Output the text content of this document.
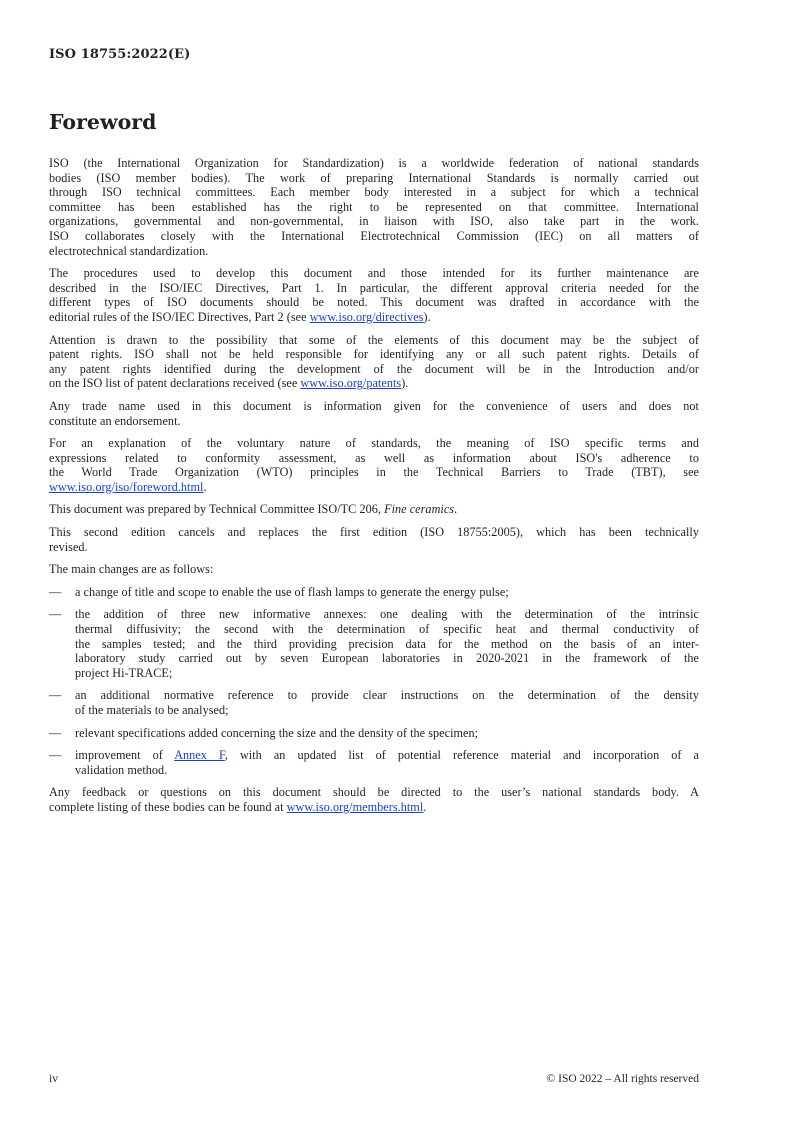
ISO 18755:2022(E)
Foreword

ISO (the International Organization for Standardization) is a worldwide federation of national standards
bodies (ISO member bodies). The work of preparing International Standards is normally carried out
through ISO technical committees. Each member body interested in a subject for which a technical
committee has been established has the right to be represented on that committee. International
organizations, governmental and non-governmental, in liaison with ISO, also take part in the work.
ISO collaborates closely with the International Electrotechnical Commission (IEC) on all matters of
electrotechnical standardization.

The procedures used to develop this document and those intended for its further maintenance are
described in the ISO/IEC Directives, Part 1. In particular, the different approval criteria needed for the
different types of ISO documents should be noted. This document was drafted in accordance with the
editorial rules of the ISO/IEC Directives, Part 2 (see www.iso.org/directives).

Attention is drawn to the possibility that some of the elements of this document may be the subject of
patent rights. ISO shall not be held responsible for identifying any or all such patent rights. Details of
any patent rights identified during the development of the document will be in the Introduction and/or
on the ISO list of patent declarations received (see www.iso.org/patents).

Any trade name used in this document is information given for the convenience of users and does not
constitute an endorsement.

For an explanation of the voluntary nature of standards, the meaning of ISO specific terms and
expressions related to conformity assessment, as well as information about ISO's adherence to
the World Trade Organization (WTO) principles in the Technical Barriers to Trade (TBT), see
www.iso.org/iso/foreword.html.

This document was prepared by Technical Committee ISO/TC 206, Fine ceramics.

This second edition cancels and replaces the first edition (ISO 18755:2005), which has been technically
revised.

The main changes are as follows:

— a change of title and scope to enable the use of flash lamps to generate the energy pulse;

— the addition of three new informative annexes: one dealing with the determination of the intrinsic
thermal diffusivity; the second with the determination of specific heat and thermal conductivity of
the samples tested; and the third providing precision data for the method on the basis of an inter-
laboratory study carried out by seven European laboratories in 2020-2021 in the framework of the
project Hi-TRACE;

— an additional normative reference to provide clear instructions on the determination of the density
of the materials to be analysed;

— relevant specifications added concerning the size and the density of the specimen;

— improvement of Annex F, with an updated list of potential reference material and incorporation of a
validation method.

Any feedback or questions on this document should be directed to the user’s national standards body. A
complete listing of these bodies can be found at www.iso.org/members.html.

iv	© ISO 2022 – All rights reserved
